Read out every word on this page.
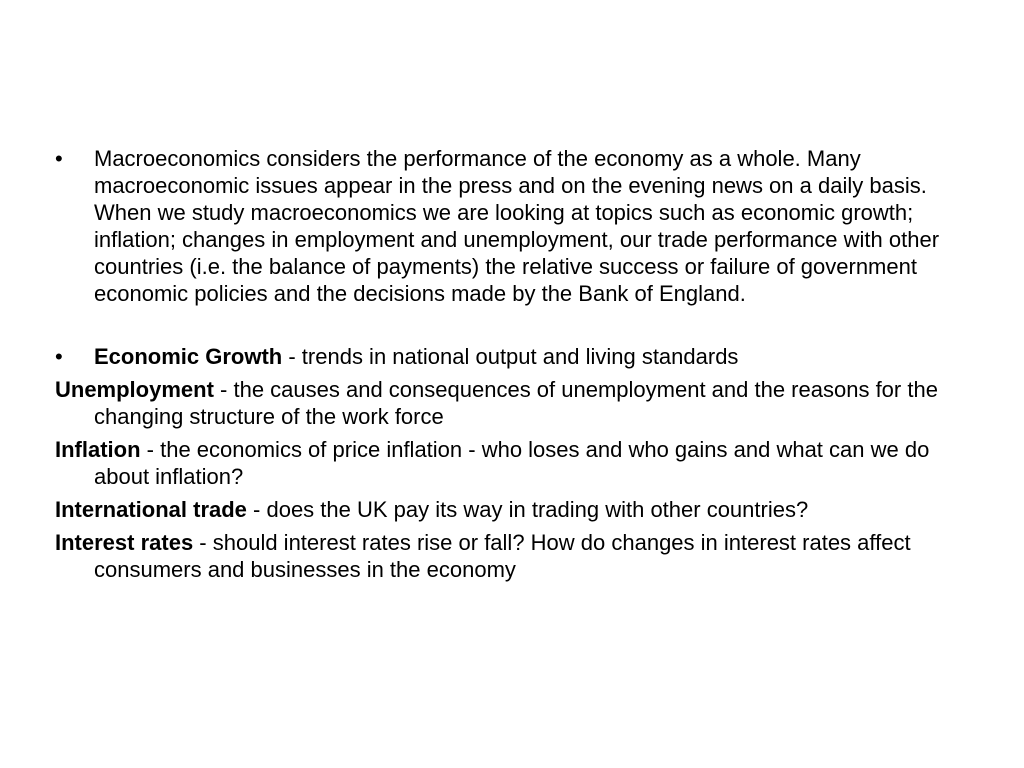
•	Macroeconomics considers the performance of the economy as a whole. Many macroeconomic issues appear in the press and on the evening news on a daily basis. When we study macroeconomics we are looking at topics such as economic growth; inflation; changes in employment and unemployment, our trade performance with other countries (i.e. the balance of payments) the relative success or failure of government economic policies and the decisions made by the Bank of England.
•	Economic Growth - trends in national output and living standards
Unemployment - the causes and consequences of unemployment and the reasons for the changing structure of the work force
Inflation - the economics of price inflation - who loses and who gains and what can we do about inflation?
International trade - does the UK pay its way in trading with other countries?
Interest rates - should interest rates rise or fall? How do changes in interest rates affect consumers and businesses in the economy
